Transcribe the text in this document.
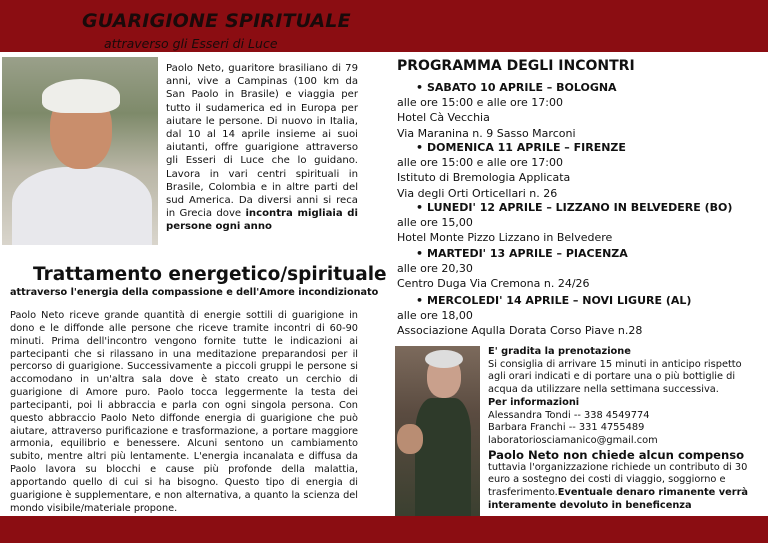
GUARIGIONE SPIRITUALE
attraverso gli Esseri di Luce
Paolo Neto, guaritore brasiliano di 79 anni, vive a Campinas (100 km da San Paolo in Brasile) e viaggia per tutto il sudamerica ed in Europa per aiutare le persone. Di nuovo in Italia, dal 10 al 14 aprile insieme ai suoi aiutanti, offre guarigione attraverso gli Esseri di Luce che lo guidano. Lavora in vari centri spirituali in Brasile, Colombia e in altre parti del sud America. Da diversi anni si reca in Grecia dove incontra migliaia di persone ogni anno
Trattamento energetico/spirituale
attraverso l'energia della compassione e dell'Amore incondizionato
Paolo Neto riceve grande quantità di energie sottili di guarigione in dono e le diffonde alle persone che riceve tramite incontri di 60-90 minuti. Prima dell'incontro vengono fornite tutte le indicazioni ai partecipanti che si rilassano in una meditazione preparandosi per il percorso di guarigione. Successivamente a piccoli gruppi le persone si accomodano in un'altra sala dove è stato creato un cerchio di guarigione di Amore puro. Paolo tocca leggermente la testa dei partecipanti, poi li abbraccia e parla con ogni singola persona. Con questo abbraccio Paolo Neto diffonde energia di guarigione che può aiutare, attraverso purificazione e trasformazione, a portare maggiore armonia, equilibrio e benessere. Alcuni sentono un cambiamento subito, mentre altri più lentamente. L'energia incanalata e diffusa da Paolo lavora su blocchi e cause più profonde della malattia, apportando quello di cui si ha bisogno. Questo tipo di energia di guarigione è supplementare, e non alternativa, a quanto la scienza del mondo visibile/materiale propone.
PROGRAMMA DEGLI INCONTRI
• SABATO 10 APRILE – BOLOGNA
alle ore 15:00 e alle ore 17:00
Hotel Cà Vecchia
Via Maranina n. 9 Sasso Marconi
• DOMENICA 11 APRILE – FIRENZE
alle ore 15:00 e alle ore 17:00
Istituto di Bremologia Applicata
Via degli Orti Orticellari n. 26
• LUNEDI' 12 APRILE – LIZZANO IN BELVEDERE (BO)
alle ore 15,00
Hotel Monte Pizzo Lizzano in Belvedere
• MARTEDI' 13 APRILE – PIACENZA
alle ore 20,30
Centro Duga Via Cremona n. 24/26
• MERCOLEDI' 14 APRILE – NOVI LIGURE (AL)
alle ore 18,00
Associazione Aqulla Dorata Corso Piave n.28
E' gradita la prenotazione
Si consiglia di arrivare 15 minuti in anticipo rispetto agli orari indicati e di portare una o più bottiglie di acqua da utilizzare nella settimana successiva.
Per informazioni
Alessandra Tondi -- 338 4549774
Barbara Franchi -- 331 4755489
laboratoriosciamanico@gmail.com
Paolo Neto non chiede alcun compenso
tuttavia l'organizzazione richiede un contributo di 30 euro a sostegno dei costi di viaggio, soggiorno e trasferimento.Eventuale denaro rimanente verrà interamente devoluto in beneficenza
